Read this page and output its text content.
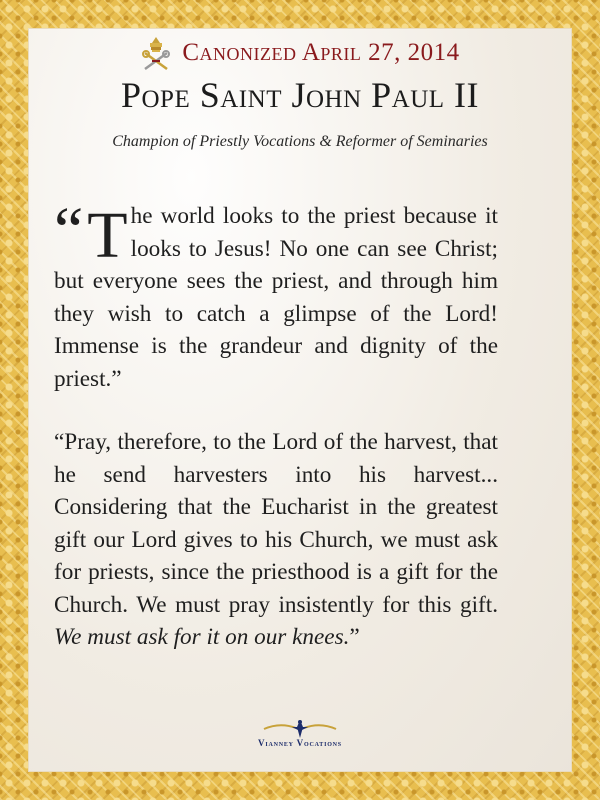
Canonized April 27, 2014
Pope Saint John Paul II
Champion of Priestly Vocations & Reformer of Seminaries
“ T he world looks to the priest because it looks to Jesus! No one can see Christ; but everyone sees the priest, and through him they wish to catch a glimpse of the Lord! Immense is the grandeur and dignity of the priest.”
“Pray, therefore, to the Lord of the harvest, that he send harvesters into his harvest... Considering that the Eucharist in the greatest gift our Lord gives to his Church, we must ask for priests, since the priesthood is a gift for the Church. We must pray insistently for this gift. We must ask for it on our knees.”
Vianney Vocations
